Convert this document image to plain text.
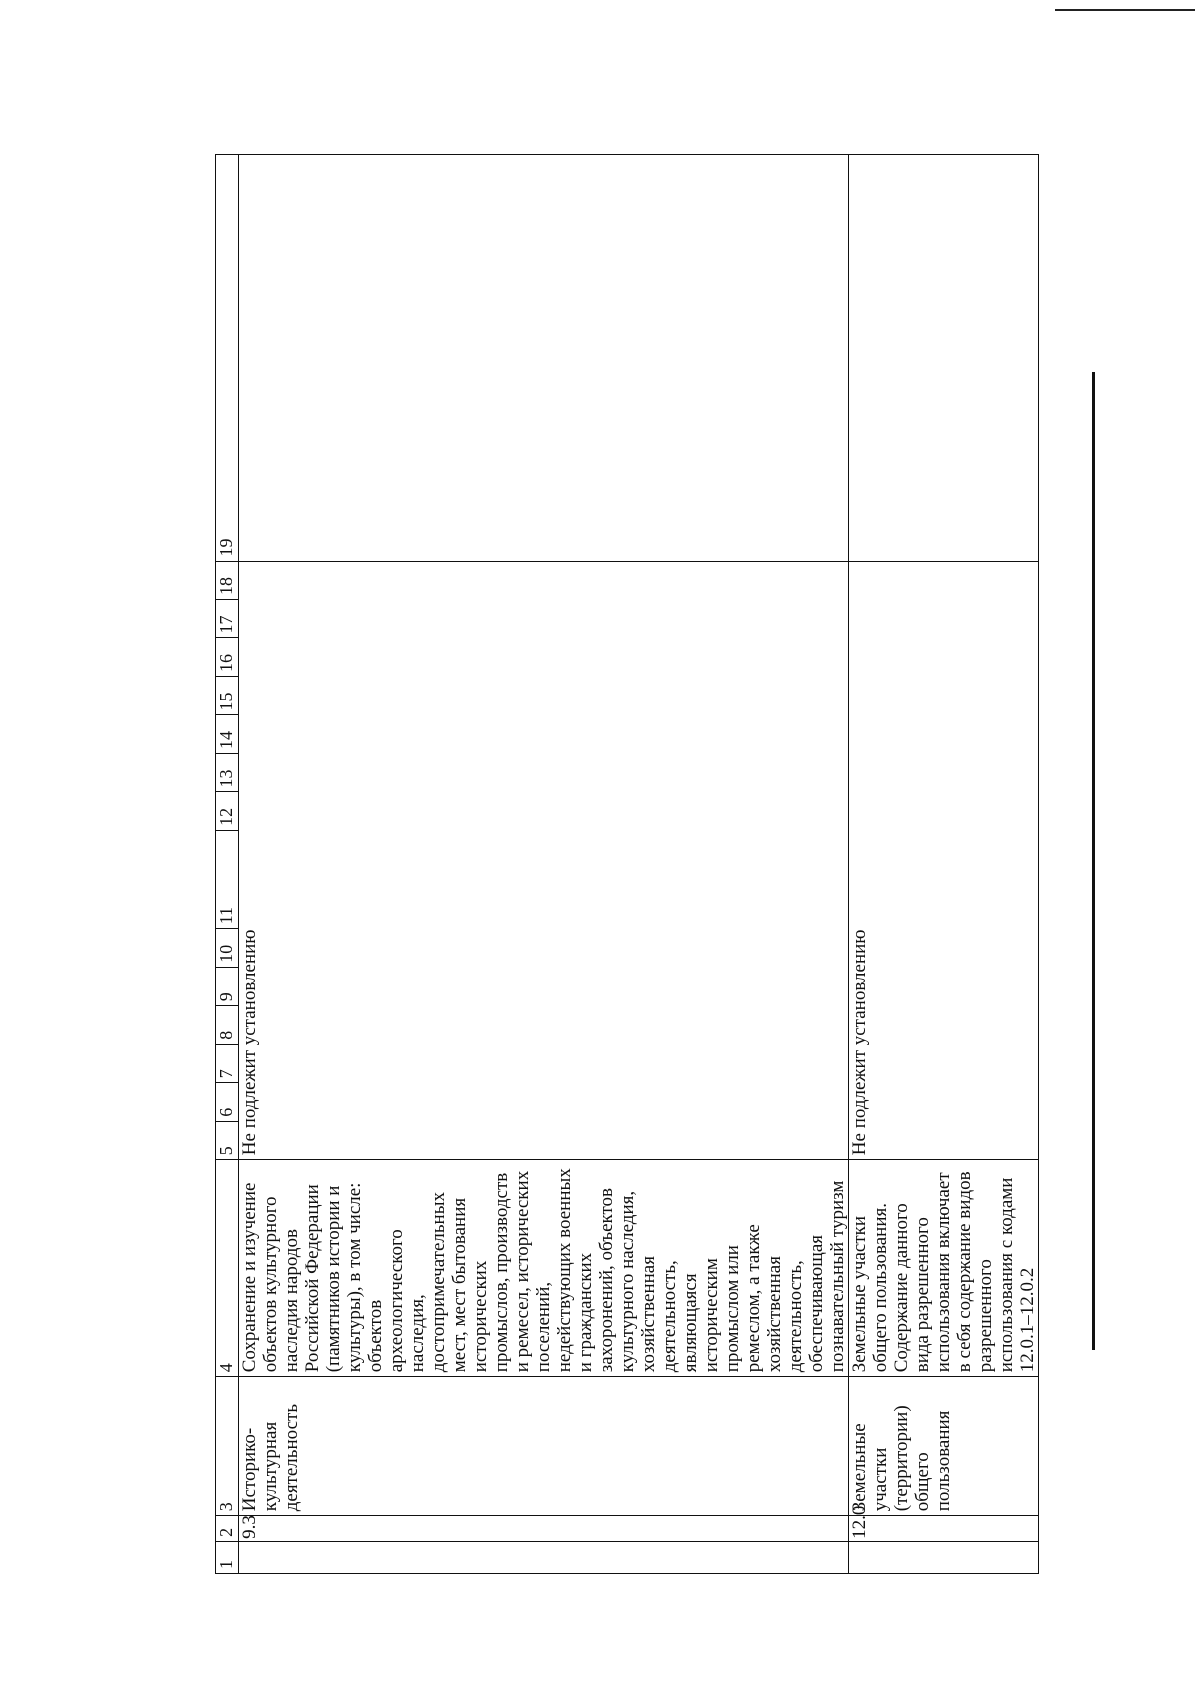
1	2	3	4	5	6	7	8	9	10	11	12	13	14	15	16	17	18	19
	9.3	Историко-культурная деятельность	Сохранение и изучение объектов культурного наследия народов Российской Федерации (памятников истории и культуры), в том числе: объектов археологического наследия, достопримечательных мест, мест бытования исторических промыслов, производств и ремесел, исторических поселений, недействующих военных и гражданских захоронений, объектов культурного наследия, хозяйственная деятельность, являющаяся историческим промыслом или ремеслом, а также хозяйственная деятельность, обеспечивающая познавательный туризм	Не подлежит установлению														
	12.0	Земельные участки (территории) общего пользования	Земельные участки общего пользования. Содержание данного вида разрешенного использования включает в себя содержание видов разрешенного использования с кодами 12.0.1–12.0.2	Не подлежит установлению														
